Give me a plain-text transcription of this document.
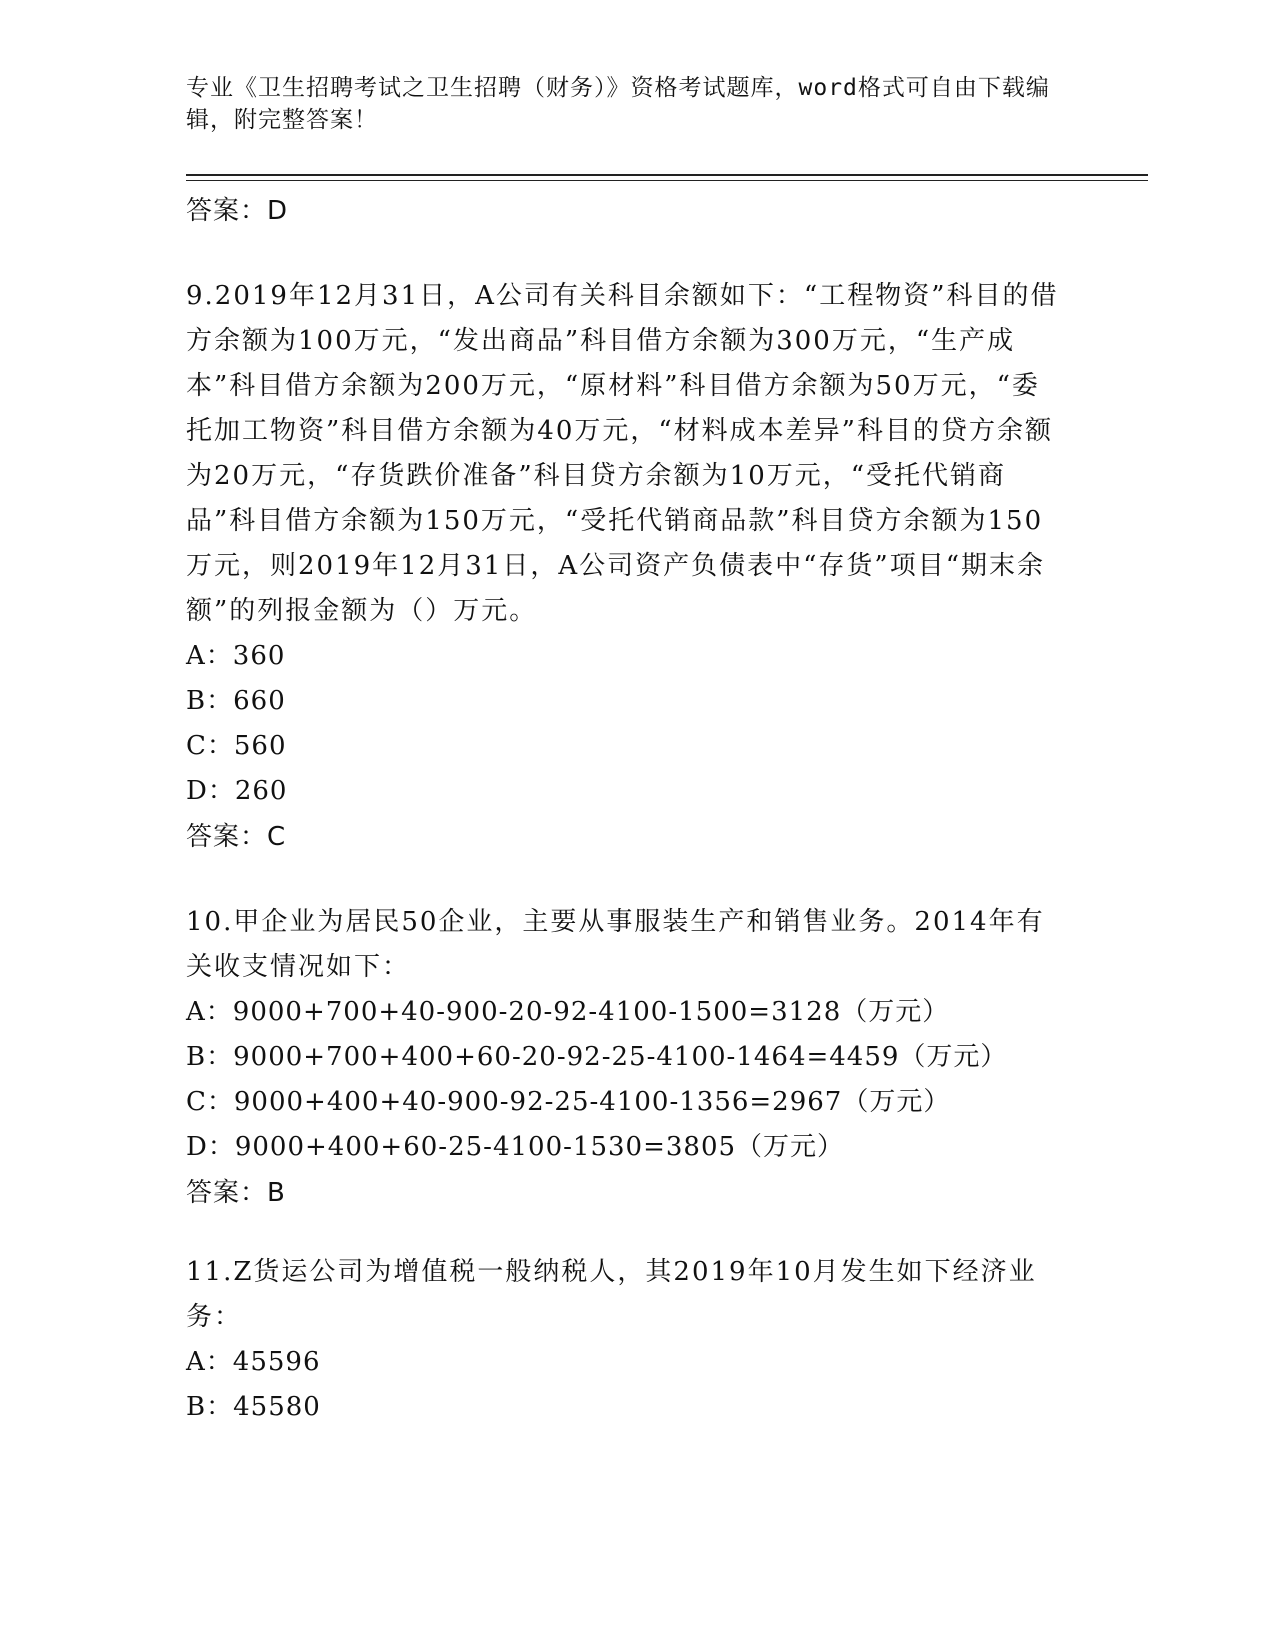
专业《卫生招聘考试之卫生招聘（财务）》资格考试题库，word格式可自由下载编辑，附完整答案！
答案：D
9.2019年12月31日，A公司有关科目余额如下：“工程物资”科目的借方余额为100万元，“发出商品”科目借方余额为300万元，“生产成本”科目借方余额为200万元，“原材料”科目借方余额为50万元，“委托加工物资”科目借方余额为40万元，“材料成本差异”科目的贷方余额为20万元，“存货跌价准备”科目贷方余额为10万元，“受托代销商品”科目借方余额为150万元，“受托代销商品款”科目贷方余额为150万元，则2019年12月31日，A公司资产负债表中“存货”项目“期末余额”的列报金额为（）万元。
A：360
B：660
C：560
D：260
答案：C
10.甲企业为居民50企业，主要从事服装生产和销售业务。2014年有关收支情况如下：
A：9000+700+40-900-20-92-4100-1500=3128（万元）
B：9000+700+400+60-20-92-25-4100-1464=4459（万元）
C：9000+400+40-900-92-25-4100-1356=2967（万元）
D：9000+400+60-25-4100-1530=3805（万元）
答案：B
11.Z货运公司为增值税一般纳税人，其2019年10月发生如下经济业务：
A：45596
B：45580
